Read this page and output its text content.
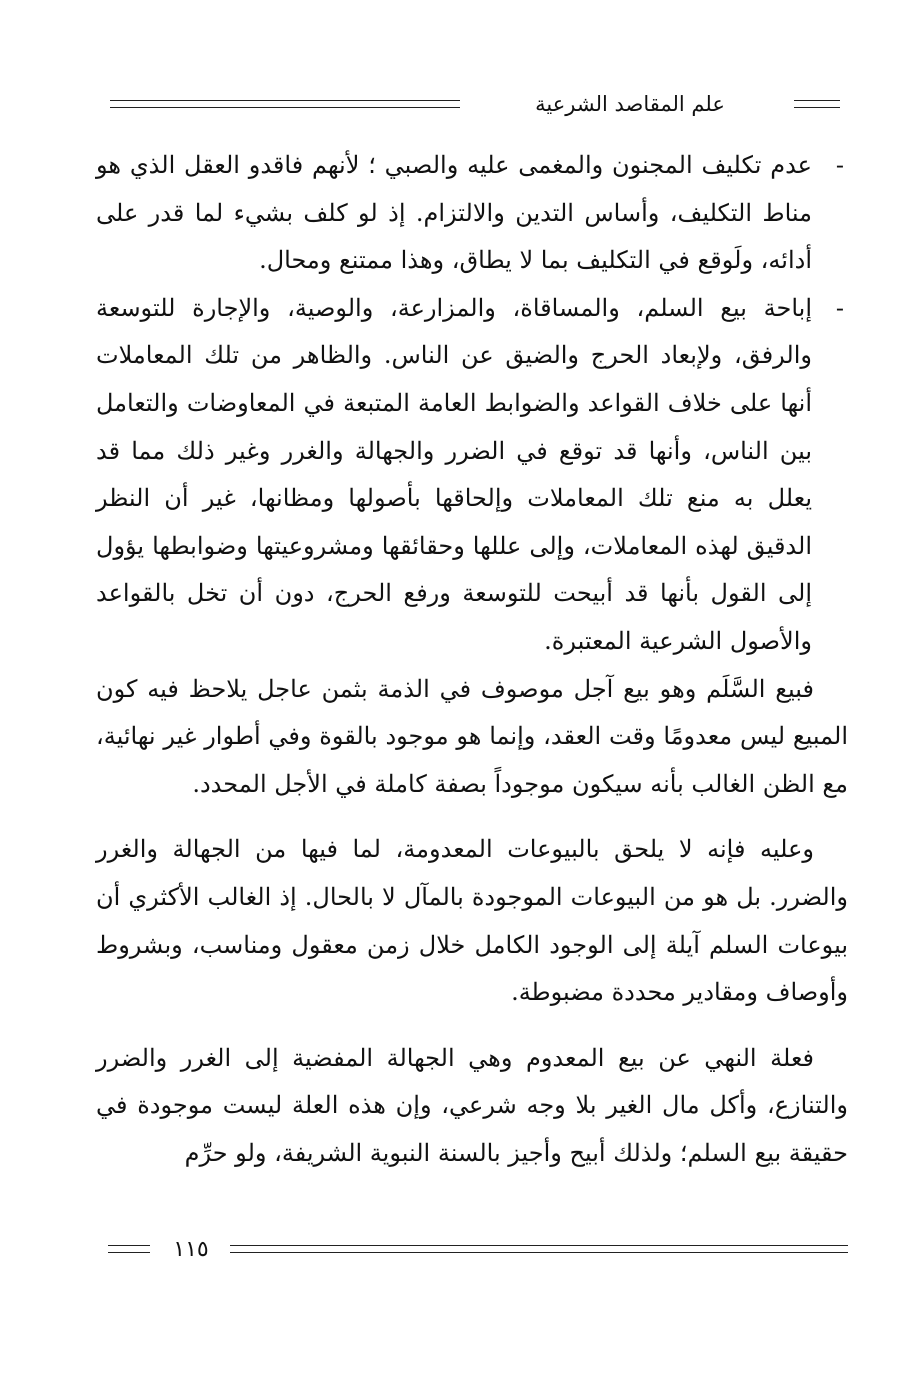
علم المقاصد الشرعية
-
عدم تكليف المجنون والمغمى عليه والصبي ؛ لأنهم فاقدو العقل الذي هو مناط التكليف، وأساس التدين والالتزام. إذ لو كلف بشيء لما قدر على أدائه، ولَوقع في التكليف بما لا يطاق، وهذا ممتنع ومحال.
-
إباحة بيع السلم، والمساقاة، والمزارعة، والوصية، والإجارة للتوسعة والرفق، ولإبعاد الحرج والضيق عن الناس. والظاهر من تلك المعاملات أنها على خلاف القواعد والضوابط العامة المتبعة في المعاوضات والتعامل بين الناس، وأنها قد توقع في الضرر والجهالة والغرر وغير ذلك مما قد يعلل به منع تلك المعاملات وإلحاقها بأصولها ومظانها، غير أن النظر الدقيق لهذه المعاملات، وإلى عللها وحقائقها ومشروعيتها وضوابطها يؤول إلى القول بأنها قد أبيحت للتوسعة ورفع الحرج، دون أن تخل بالقواعد والأصول الشرعية المعتبرة.

فبيع السَّلَم وهو بيع آجل موصوف في الذمة بثمن عاجل يلاحظ فيه كون المبيع ليس معدومًا وقت العقد، وإنما هو موجود بالقوة وفي أطوار غير نهائية، مع الظن الغالب بأنه سيكون موجوداً بصفة كاملة في الأجل المحدد.

وعليه فإنه لا يلحق بالبيوعات المعدومة، لما فيها من الجهالة والغرر والضرر. بل هو من البيوعات الموجودة بالمآل لا بالحال. إذ الغالب الأكثري أن بيوعات السلم آيلة إلى الوجود الكامل خلال زمن معقول ومناسب، وبشروط وأوصاف ومقادير محددة مضبوطة.

فعلة النهي عن بيع المعدوم وهي الجهالة المفضية إلى الغرر والضرر والتنازع، وأكل مال الغير بلا وجه شرعي، وإن هذه العلة ليست موجودة في حقيقة بيع السلم؛ ولذلك أبيح وأجيز بالسنة النبوية الشريفة، ولو حرِّم

١١٥
